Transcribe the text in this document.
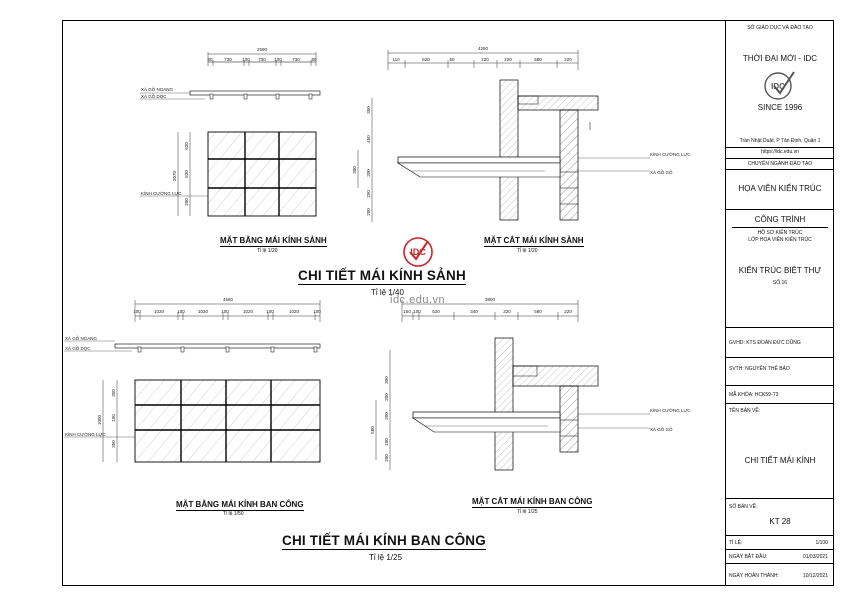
2590
80	730 100 730 100 730	80
XÀ GỒ NGANG
XÀ GỒ DỌC
2070
620
620
200
KÍNH CƯỜNG LỰC
4260
110	620	50	220	220	580	220
KÍNH CƯỜNG LỰC
XÀ GỒ GỖ
350
450
200
300
250
200
4580
100	1020	100	1020	100	1020	100	1020	100
XÀ GỒ NGANG
XÀ GỒ DỌC
1000
350
100
350
KÍNH CƯỜNG LỰC
3800
150 100	520	340	220	580	220
KÍNH CƯỜNG LỰC
XÀ GỒ GỖ
300
200
200
580
100
200
IDC
MẶT BẰNG MÁI KÍNH SẢNH
Tỉ lệ 1/20
MẶT CẮT MÁI KÍNH SẢNH
Tỉ lệ 1/20
CHI TIẾT MÁI KÍNH SẢNH
Tỉ lệ 1/40
idc.edu.vn
MẶT BẰNG MÁI KÍNH BAN CÔNG
Tỉ lệ 1/50
MẶT CẮT MÁI KÍNH BAN CÔNG
Tỉ lệ 1/25
CHI TIẾT MÁI KÍNH BAN CÔNG
Tỉ lệ 1/25
SỞ GIÁO DỤC VÀ ĐÀO TẠO
THỜI ĐẠI MỚI - IDC
IDC
SINCE 1996
Trần Nhật Duật, P Tân Định, Quận 1
https://idc.edu.vn
CHUYÊN NGÀNH ĐÀO TẠO
HỌA VIÊN KIẾN TRÚC
CÔNG TRÌNH
HỒ SƠ KIẾN TRÚC
LỚP HỌA VIÊN KIẾN TRÚC
KIẾN TRÚC BIỆT THỰ
SỐ.16
GVHD: KTS ĐOÀN ĐỨC DŨNG
SVTH: NGUYỄN THẾ BẢO
MÃ KHÓA: HCK59-T3
TÊN BẢN VẼ:
CHI TIẾT MÁI KÍNH
SỐ BẢN VẼ:
KT 28
TỈ LỆ:	1/100
NGÀY BẮT ĐẦU:	01/03/2021
NGÀY HOÀN THÀNH:	10/12/2021
